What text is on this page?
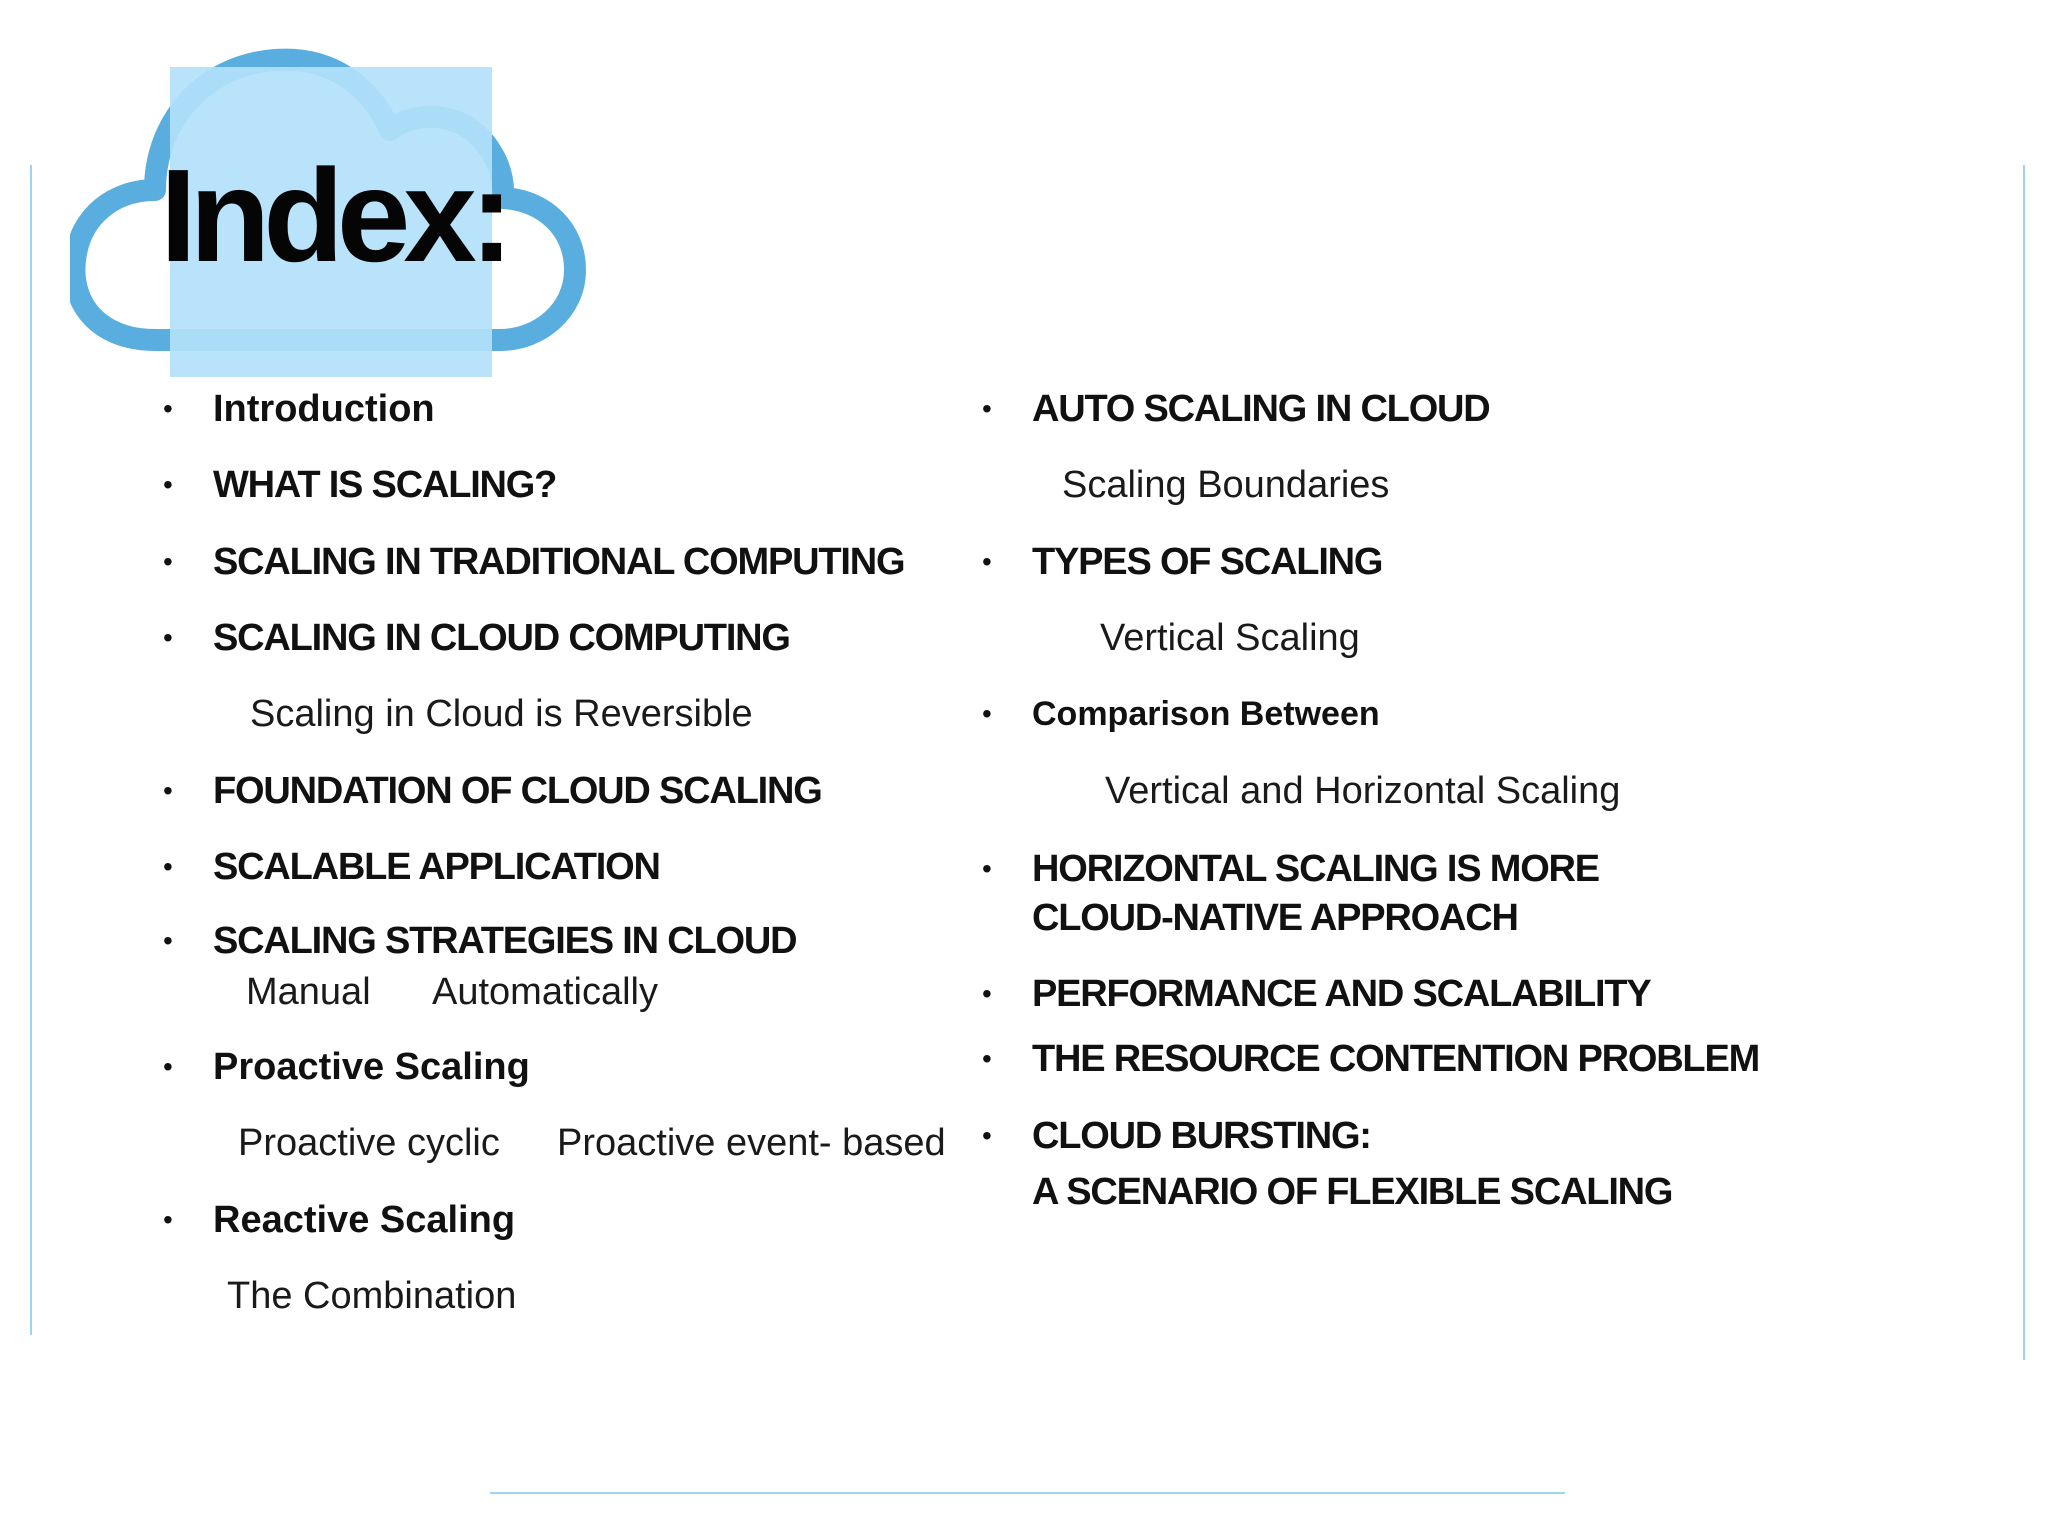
Index:
• Introduction
• WHAT IS SCALING?
• SCALING IN TRADITIONAL COMPUTING
• SCALING IN CLOUD COMPUTING
Scaling in Cloud is Reversible
• FOUNDATION OF CLOUD SCALING
• SCALABLE APPLICATION
• SCALING STRATEGIES IN CLOUD
Manual Automatically
• Proactive Scaling
Proactive cyclic Proactive event- based
• Reactive Scaling
The Combination
• AUTO SCALING IN CLOUD
Scaling Boundaries
• TYPES OF SCALING
Vertical Scaling
• Comparison Between
Vertical and Horizontal Scaling
• HORIZONTAL SCALING IS MORE
CLOUD-NATIVE APPROACH
• PERFORMANCE AND SCALABILITY
• THE RESOURCE CONTENTION PROBLEM
• CLOUD BURSTING:
A SCENARIO OF FLEXIBLE SCALING
